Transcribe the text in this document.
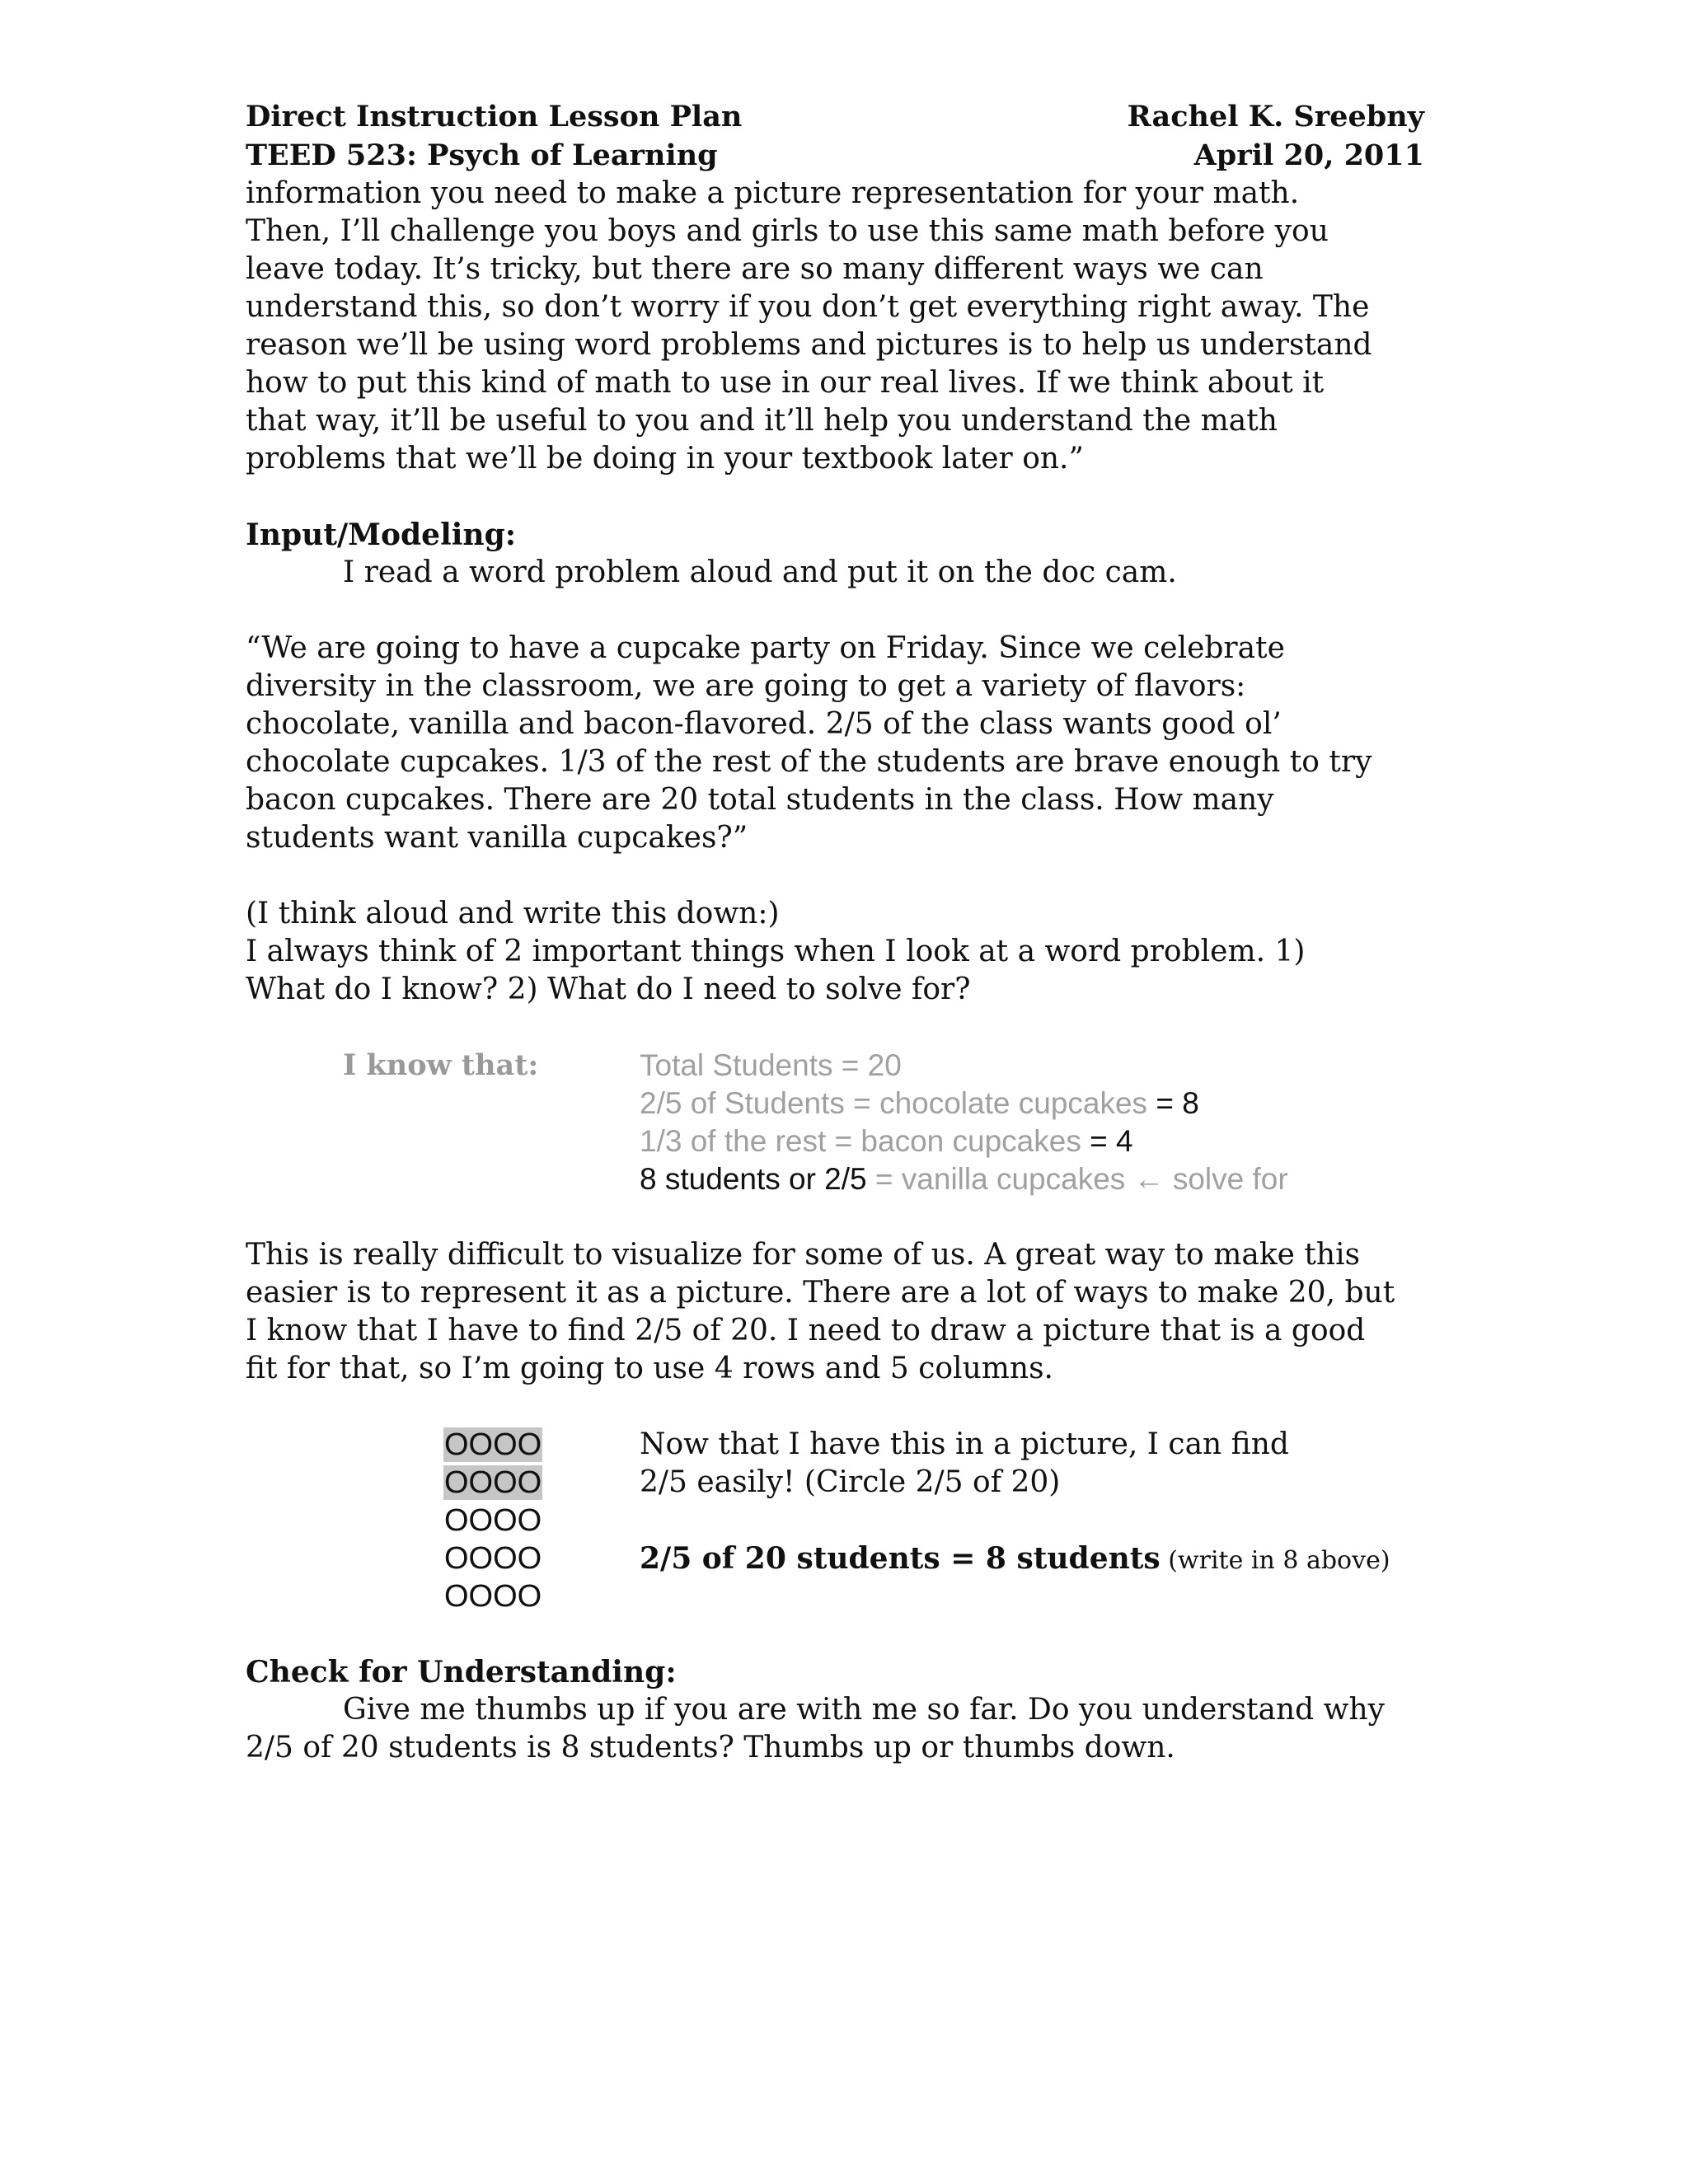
Direct Instruction Lesson Plan	Rachel K. Sreebny
TEED 523: Psych of Learning	April 20, 2011

information you need to make a picture representation for your math.

Then, I’ll challenge you boys and girls to use this same math before you

leave today. It’s tricky, but there are so many different ways we can

understand this, so don’t worry if you don’t get everything right away. The

reason we’ll be using word problems and pictures is to help us understand

how to put this kind of math to use in our real lives. If we think about it

that way, it’ll be useful to you and it’ll help you understand the math

problems that we’ll be doing in your textbook later on.”

Input/Modeling:
I read a word problem aloud and put it on the doc cam.

“We are going to have a cupcake party on Friday. Since we celebrate

diversity in the classroom, we are going to get a variety of flavors:

chocolate, vanilla and bacon-flavored. 2/5 of the class wants good ol’

chocolate cupcakes. 1/3 of the rest of the students are brave enough to try

bacon cupcakes. There are 20 total students in the class. How many

students want vanilla cupcakes?”

(I think aloud and write this down:)

I always think of 2 important things when I look at a word problem. 1)

What do I know? 2) What do I need to solve for?

I know that:	Total Students = 20
2/5 of Students = chocolate cupcakes = 8
1/3 of the rest = bacon cupcakes = 4
8 students or 2/5 = vanilla cupcakes ← solve for

This is really difficult to visualize for some of us. A great way to make this

easier is to represent it as a picture. There are a lot of ways to make 20, but

I know that I have to find 2/5 of 20. I need to draw a picture that is a good

fit for that, so I’m going to use 4 rows and 5 columns.

OOOO
OOOO
OOOO
OOOO
OOOO
Now that I have this in a picture, I can find
2/5 easily! (Circle 2/5 of 20)
2/5 of 20 students = 8 students (write in 8 above)
Check for Understanding:

Give me thumbs up if you are with me so far. Do you understand why

2/5 of 20 students is 8 students? Thumbs up or thumbs down.
